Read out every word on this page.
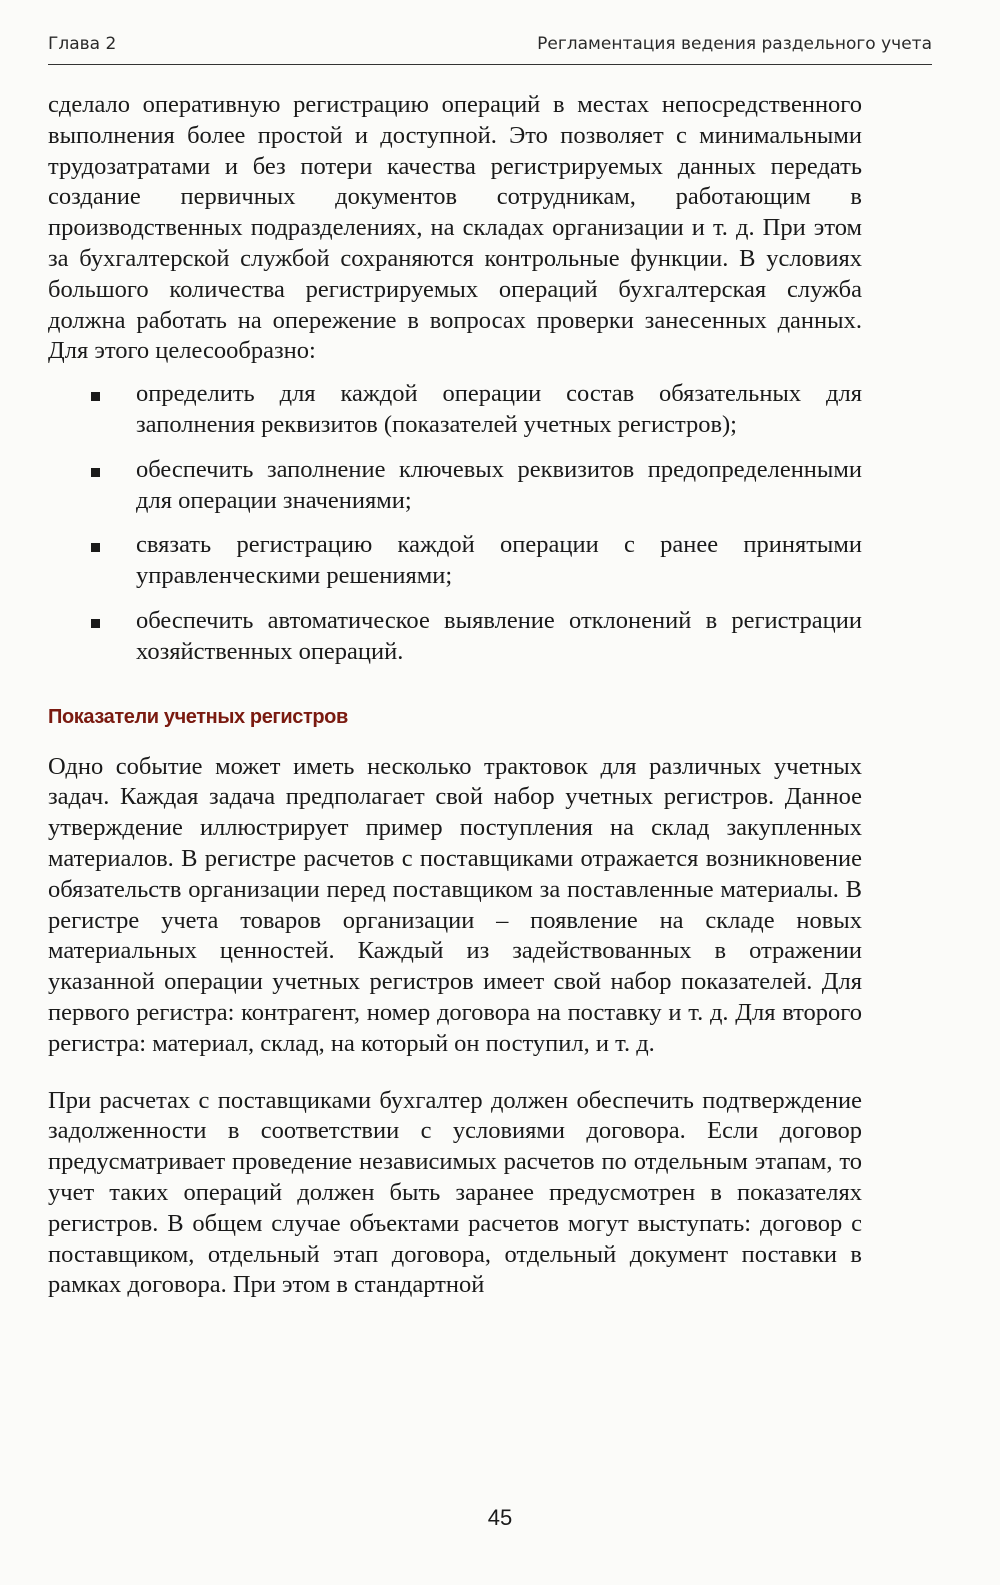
Глава 2	Регламентация ведения раздельного учета

сделало оперативную регистрацию операций в местах непосредственного выполнения более простой и доступной. Это позволяет с минимальными трудозатратами и без потери качества регистрируемых данных передать создание первичных документов сотрудникам, работающим в производственных подразделениях, на складах организации и т. д. При этом за бухгалтерской службой сохраняются контрольные функции. В условиях большого количества регистрируемых операций бухгалтерская служба должна работать на опережение в вопросах проверки занесенных данных. Для этого целесообразно:

определить для каждой операции состав обязательных для заполнения реквизитов (показателей учетных регистров);
обеспечить заполнение ключевых реквизитов предопределенными для операции значениями;
связать регистрацию каждой операции с ранее принятыми управленческими решениями;
обеспечить автоматическое выявление отклонений в регистрации хозяйственных операций.
Показатели учетных регистров

Одно событие может иметь несколько трактовок для различных учетных задач. Каждая задача предполагает свой набор учетных регистров. Данное утверждение иллюстрирует пример поступления на склад закупленных материалов. В регистре расчетов с поставщиками отражается возникновение обязательств организации перед поставщиком за поставленные материалы. В регистре учета товаров организации – появление на складе новых материальных ценностей. Каждый из задействованных в отражении указанной операции учетных регистров имеет свой набор показателей. Для первого регистра: контрагент, номер договора на поставку и т. д. Для второго регистра: материал, склад, на который он поступил, и т. д.

При расчетах с поставщиками бухгалтер должен обеспечить подтверждение задолженности в соответствии с условиями договора. Если договор предусматривает проведение независимых расчетов по отдельным этапам, то учет таких операций должен быть заранее предусмотрен в показателях регистров. В общем случае объектами расчетов могут выступать: договор с поставщиком, отдельный этап договора, отдельный документ поставки в рамках договора. При этом в стандартной

45
